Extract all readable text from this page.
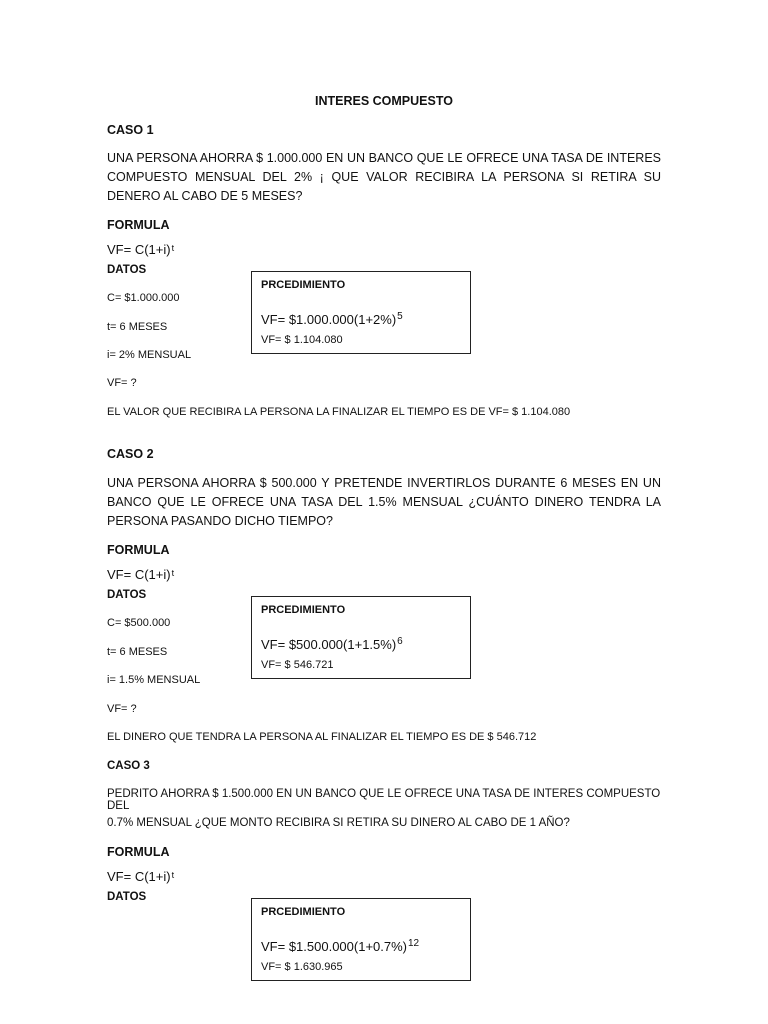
INTERES COMPUESTO
CASO 1
UNA PERSONA AHORRA $ 1.000.000 EN UN BANCO QUE LE OFRECE UNA TASA DE INTERES COMPUESTO MENSUAL DEL 2% ¡ QUE VALOR RECIBIRA LA PERSONA SI RETIRA SU DENERO AL CABO DE 5 MESES?
FORMULA
$VF= C(1+i)^t$
DATOS
C= $1.000.000
t= 6 MESES
i= 2% MENSUAL
VF= ?
PRCEDIMIENTO
$VF= \$1.000.000(1+2\%)^5$
VF= $ 1.104.080
EL VALOR QUE RECIBIRA LA PERSONA LA FINALIZAR EL TIEMPO ES DE VF= $ 1.104.080
CASO 2
UNA PERSONA AHORRA $ 500.000 Y PRETENDE INVERTIRLOS DURANTE 6 MESES EN UN BANCO QUE LE OFRECE UNA TASA DEL 1.5% MENSUAL ¿CUÁNTO DINERO TENDRA LA PERSONA PASANDO DICHO TIEMPO?
FORMULA
$VF= C(1+i)^t$
DATOS
C= $500.000
t= 6 MESES
i= 1.5% MENSUAL
VF= ?
PRCEDIMIENTO
$VF= \$500.000(1+1.5\%)^6$
VF= $ 546.721
EL DINERO QUE TENDRA LA PERSONA AL FINALIZAR EL TIEMPO ES DE $ 546.712
CASO 3
PEDRITO AHORRA $ 1.500.000 EN UN BANCO QUE LE OFRECE UNA TASA DE INTERES COMPUESTO DEL
0.7% MENSUAL ¿QUE MONTO RECIBIRA SI RETIRA SU DINERO AL CABO DE 1 AÑO?
FORMULA
$VF= C(1+i)^t$
DATOS
PRCEDIMIENTO
$VF= \$1.500.000(1+0.7\%)^{12}$
VF= $ 1.630.965
